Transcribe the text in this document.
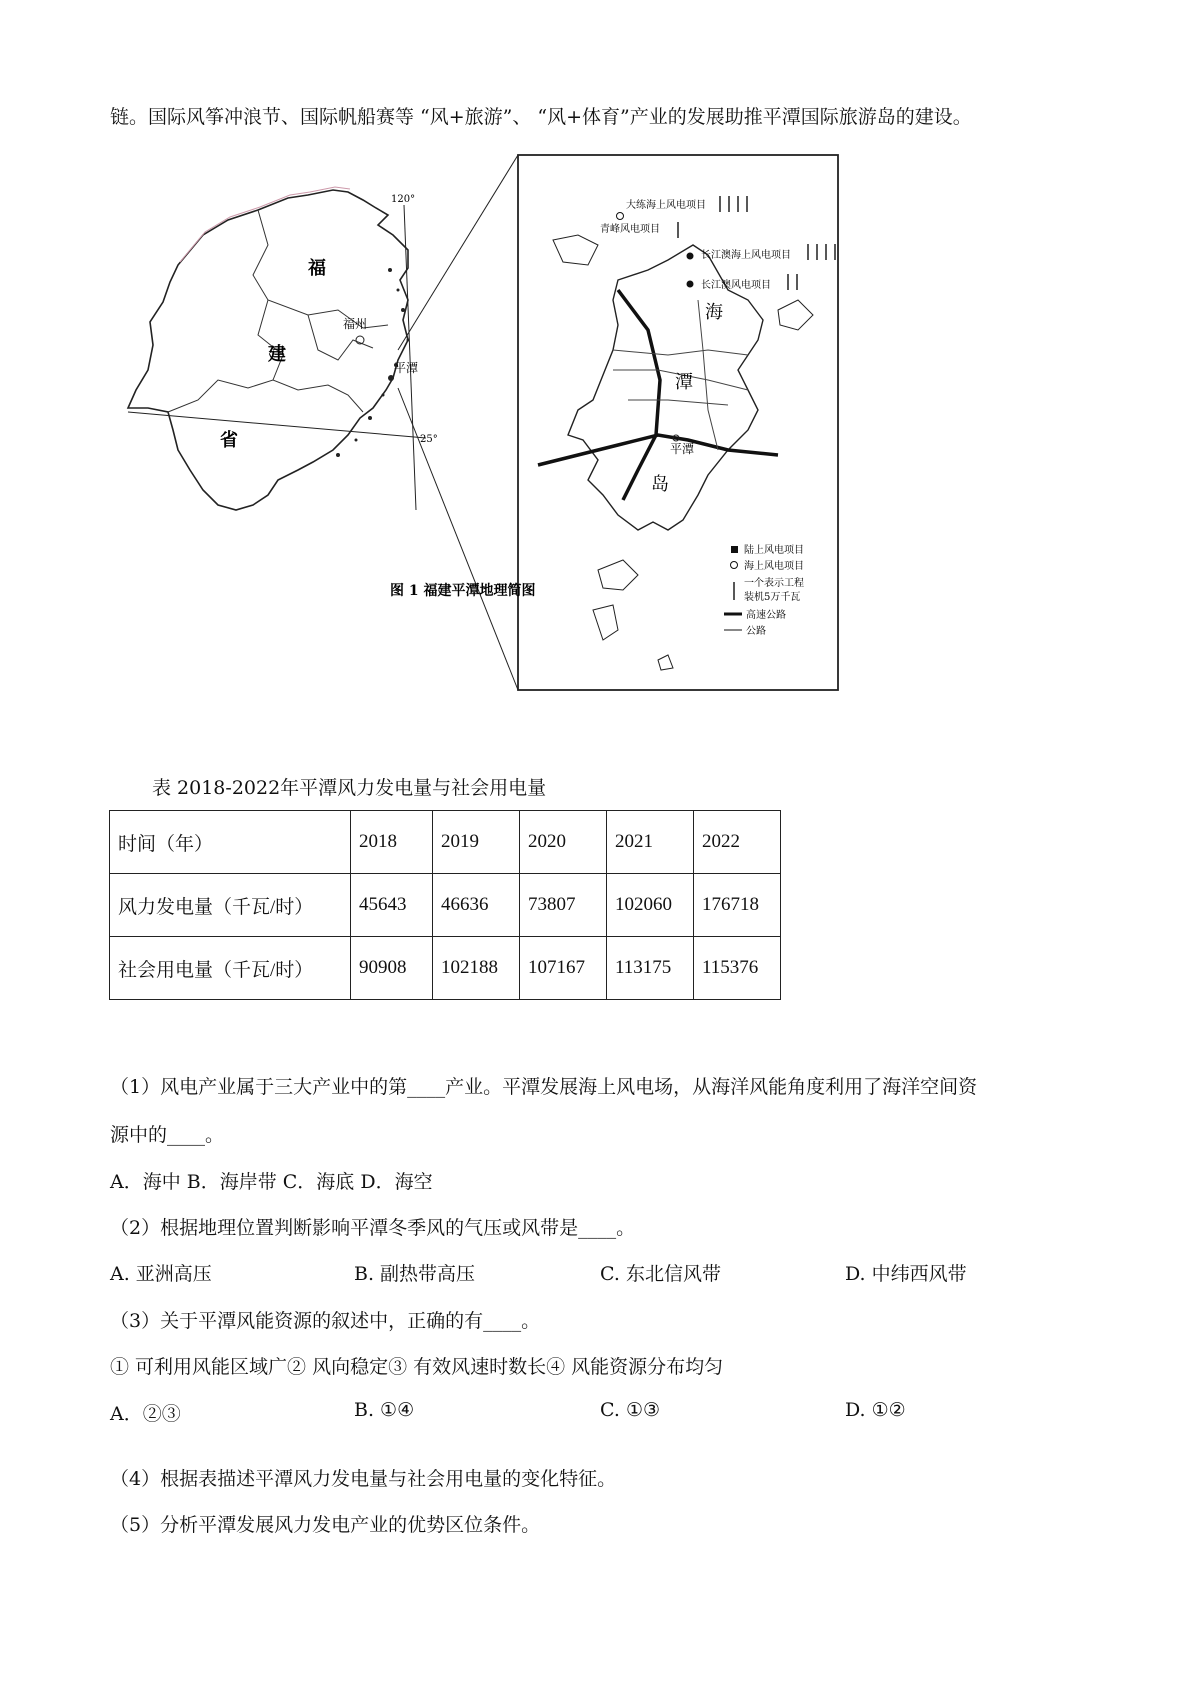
链。国际风筝冲浪节、国际帆船赛等 “风+旅游”、 “风+体育”产业的发展助推平潭国际旅游岛的建设。
120°
25°
福
建
省
福州
平潭
海
潭
岛
平潭
大练海上风电项目
青峰风电项目
长江澳海上风电项目
长江澳风电项目
陆上风电项目
海上风电项目
一个表示工程
装机5万千瓦
高速公路
公路
图 1 福建平潭地理简图
表 2018-2022年平潭风力发电量与社会用电量
时间（年）	2018	2019	2020	2021	2022
风力发电量（千瓦/时）	45643	46636	73807	102060	176718
社会用电量（千瓦/时）	90908	102188	107167	113175	115376
（1）风电产业属于三大产业中的第____产业。平潭发展海上风电场，从海洋风能角度利用了海洋空间资
源中的____。
A．海中 B．海岸带 C．海底 D．海空
（2）根据地理位置判断影响平潭冬季风的气压或风带是____。
A. 亚洲高压	B. 副热带高压	C. 东北信风带	D. 中纬西风带
（3）关于平潭风能资源的叙述中，正确的有____。
① 可利用风能区域广② 风向稳定③ 有效风速时数长④ 风能资源分布均匀
A．②③	B. ①④	C. ①③	D. ①②
（4）根据表描述平潭风力发电量与社会用电量的变化特征。
（5）分析平潭发展风力发电产业的优势区位条件。
